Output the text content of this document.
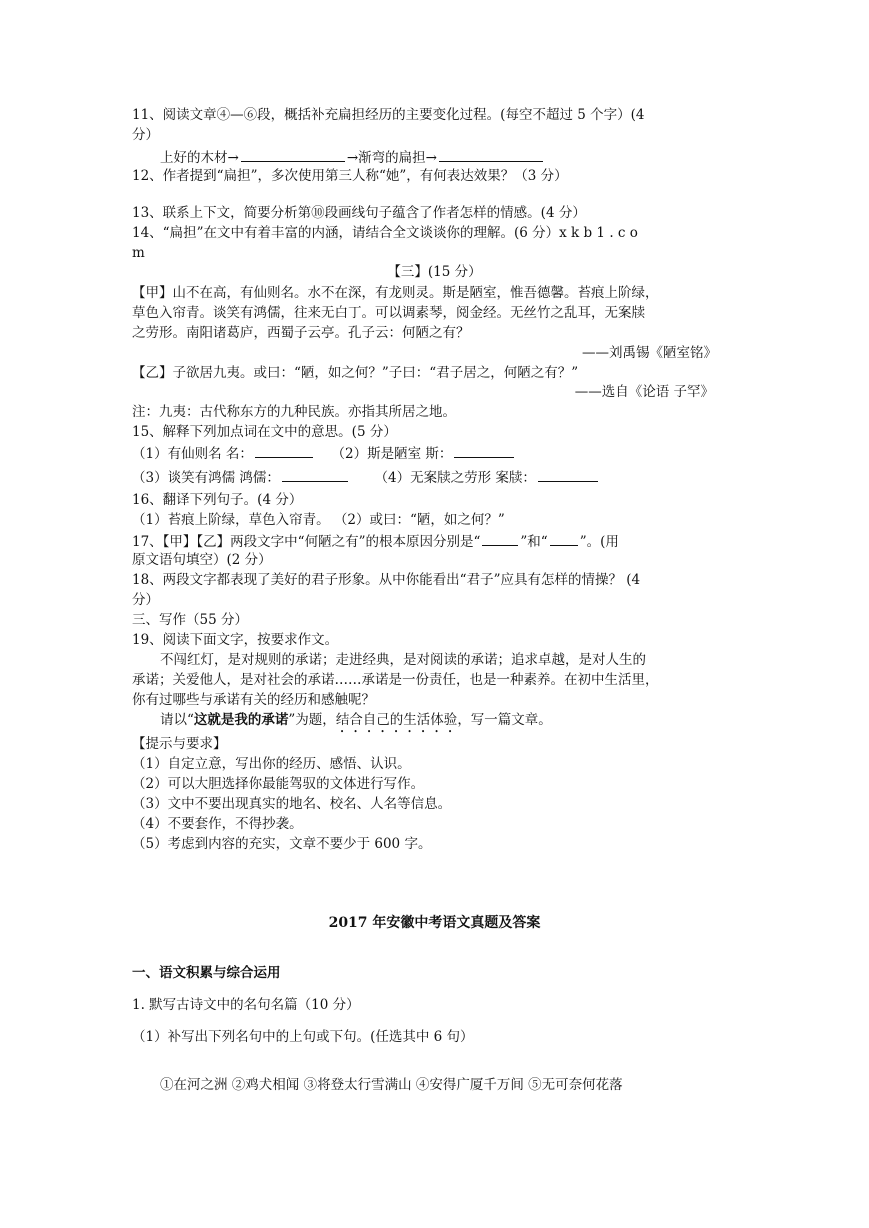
11、阅读文章④—⑥段，概括补充扁担经历的主要变化过程。(每空不超过 5 个字）(4
分）
上好的木材→	→渐弯的扁担→
12、作者提到“扁担”，多次使用第三人称“她”，有何表达效果？（3 分）
13、联系上下文，简要分析第⑩段画线句子蕴含了作者怎样的情感。(4 分）
14、“扁担”在文中有着丰富的内涵，请结合全文谈谈你的理解。(6 分）x k b 1 . c o
m
【三】(15 分）
【甲】山不在高，有仙则名。水不在深，有龙则灵。斯是陋室，惟吾德馨。苔痕上阶绿，
草色入帘青。谈笑有鸿儒，往来无白丁。可以调素琴，阅金经。无丝竹之乱耳，无案牍
之劳形。南阳诸葛庐，西蜀子云亭。孔子云：何陋之有？
——刘禹锡《陋室铭》
【乙】子欲居九夷。或曰：“陋，如之何？”子曰：“君子居之，何陋之有？”
——选自《论语 子罕》
注：九夷：古代称东方的九种民族。亦指其所居之地。
15、解释下列加点词在文中的意思。(5 分）
（1）有仙则名 名：	（2）斯是陋室 斯：
（3）谈笑有鸿儒 鸿儒：	（4）无案牍之劳形 案牍：
16、翻译下列句子。(4 分）
（1）苔痕上阶绿，草色入帘青。 （2）或曰：“陋，如之何？”
17、【甲】【乙】两段文字中“何陋之有”的根本原因分别是“	”和“ ”。(用
原文语句填空）(2 分）
18、两段文字都表现了美好的君子形象。从中你能看出“君子”应具有怎样的情操？ (4
分）
三、写作（55 分）
19、阅读下面文字，按要求作文。
不闯红灯，是对规则的承诺；走进经典，是对阅读的承诺；追求卓越，是对人生的
承诺；关爱他人，是对社会的承诺……承诺是一份责任，也是一种素养。在初中生活里，
你有过哪些与承诺有关的经历和感触呢？
请以“这就是我的承诺”为题，结合自己的生活体验，写一篇文章。
【提示与要求】
（1）自定立意，写出你的经历、感悟、认识。
（2）可以大胆选择你最能驾驭的文体进行写作。
（3）文中不要出现真实的地名、校名、人名等信息。
（4）不要套作，不得抄袭。
（5）考虑到内容的充实，文章不要少于 600 字。
2017 年安徽中考语文真题及答案
一、语文积累与综合运用
1. 默写古诗文中的名句名篇（10 分）
（1）补写出下列名句中的上句或下句。(任选其中 6 句）
①在河之洲 ②鸡犬相闻 ③将登太行雪满山 ④安得广厦千万间 ⑤无可奈何花落
